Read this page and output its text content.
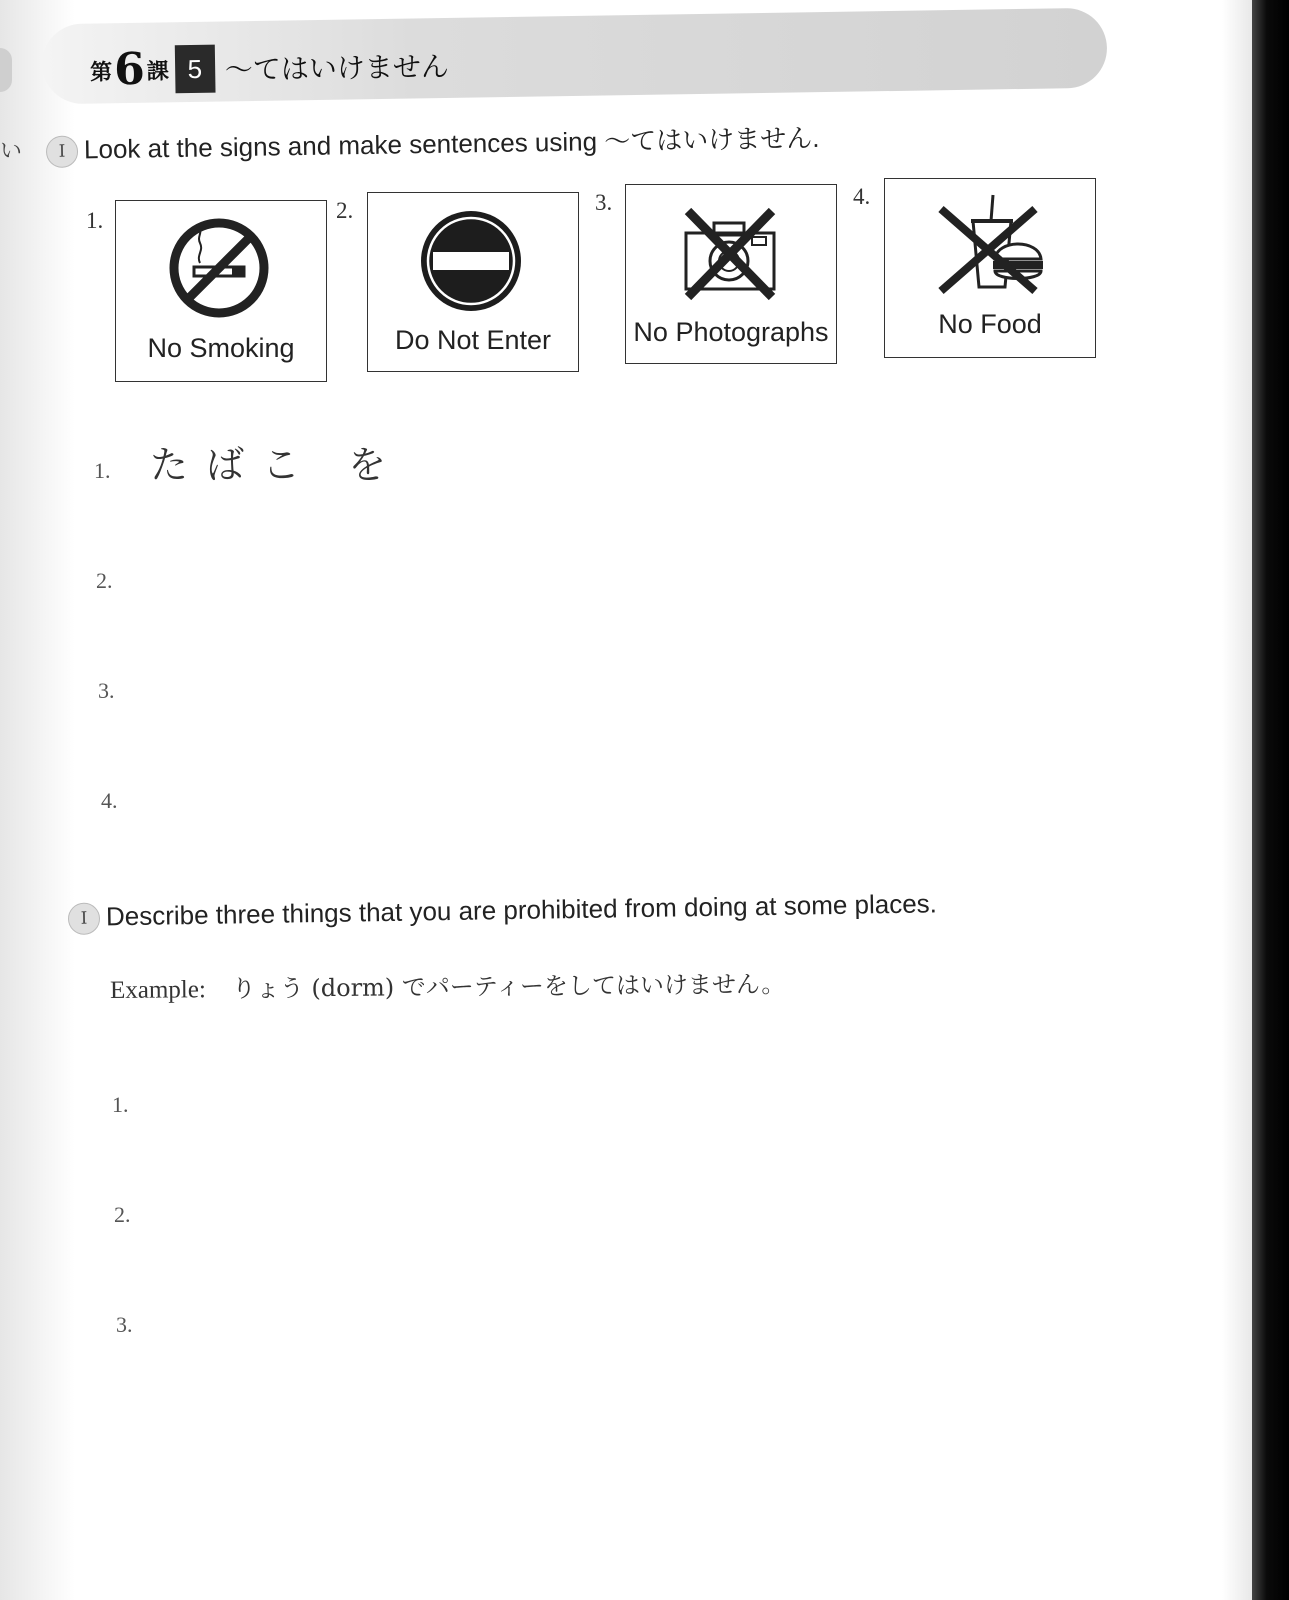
い
第 6 課 5 〜てはいけません
I Look at the signs and make sentences using 〜てはいけません.
1.
No Smoking
2.
Do Not Enter
3.
No Photographs
4.
No Food
1. たばこ を
2.
3.
4.
I Describe three things that you are prohibited from doing at some places.
Example: りょう (dorm) でパーティーをしてはいけません。
1.
2.
3.
